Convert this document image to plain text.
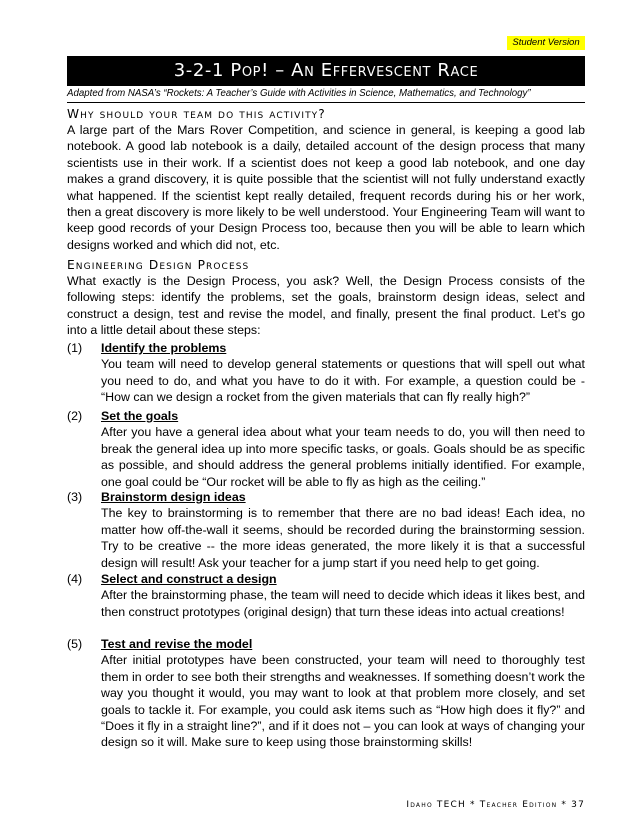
Student Version
3-2-1 Pop! – An Effervescent Race
Adapted from NASA’s “Rockets: A Teacher’s Guide with Activities in Science, Mathematics, and Technology”
Why should your team do this activity?
A large part of the Mars Rover Competition, and science in general, is keeping a good lab notebook. A good lab notebook is a daily, detailed account of the design process that many scientists use in their work. If a scientist does not keep a good lab notebook, and one day makes a grand discovery, it is quite possible that the scientist will not fully understand exactly what happened. If the scientist kept really detailed, frequent records during his or her work, then a great discovery is more likely to be well understood. Your Engineering Team will want to keep good records of your Design Process too, because then you will be able to learn which designs worked and which did not, etc.
Engineering Design Process
What exactly is the Design Process, you ask? Well, the Design Process consists of the following steps: identify the problems, set the goals, brainstorm design ideas, select and construct a design, test and revise the model, and finally, present the final product. Let’s go into a little detail about these steps:
(1) Identify the problems
You team will need to develop general statements or questions that will spell out what you need to do, and what you have to do it with. For example, a question could be - “How can we design a rocket from the given materials that can fly really high?”
(2) Set the goals
After you have a general idea about what your team needs to do, you will then need to break the general idea up into more specific tasks, or goals. Goals should be as specific as possible, and should address the general problems initially identified. For example, one goal could be “Our rocket will be able to fly as high as the ceiling.”
(3) Brainstorm design ideas
The key to brainstorming is to remember that there are no bad ideas! Each idea, no matter how off-the-wall it seems, should be recorded during the brainstorming session. Try to be creative -- the more ideas generated, the more likely it is that a successful design will result! Ask your teacher for a jump start if you need help to get going.
(4) Select and construct a design
After the brainstorming phase, the team will need to decide which ideas it likes best, and then construct prototypes (original design) that turn these ideas into actual creations!
(5) Test and revise the model
After initial prototypes have been constructed, your team will need to thoroughly test them in order to see both their strengths and weaknesses. If something doesn’t work the way you thought it would, you may want to look at that problem more closely, and set goals to tackle it. For example, you could ask items such as “How high does it fly?” and “Does it fly in a straight line?”, and if it does not – you can look at ways of changing your design so it will. Make sure to keep using those brainstorming skills!
Idaho TECH * Teacher Edition * 37
